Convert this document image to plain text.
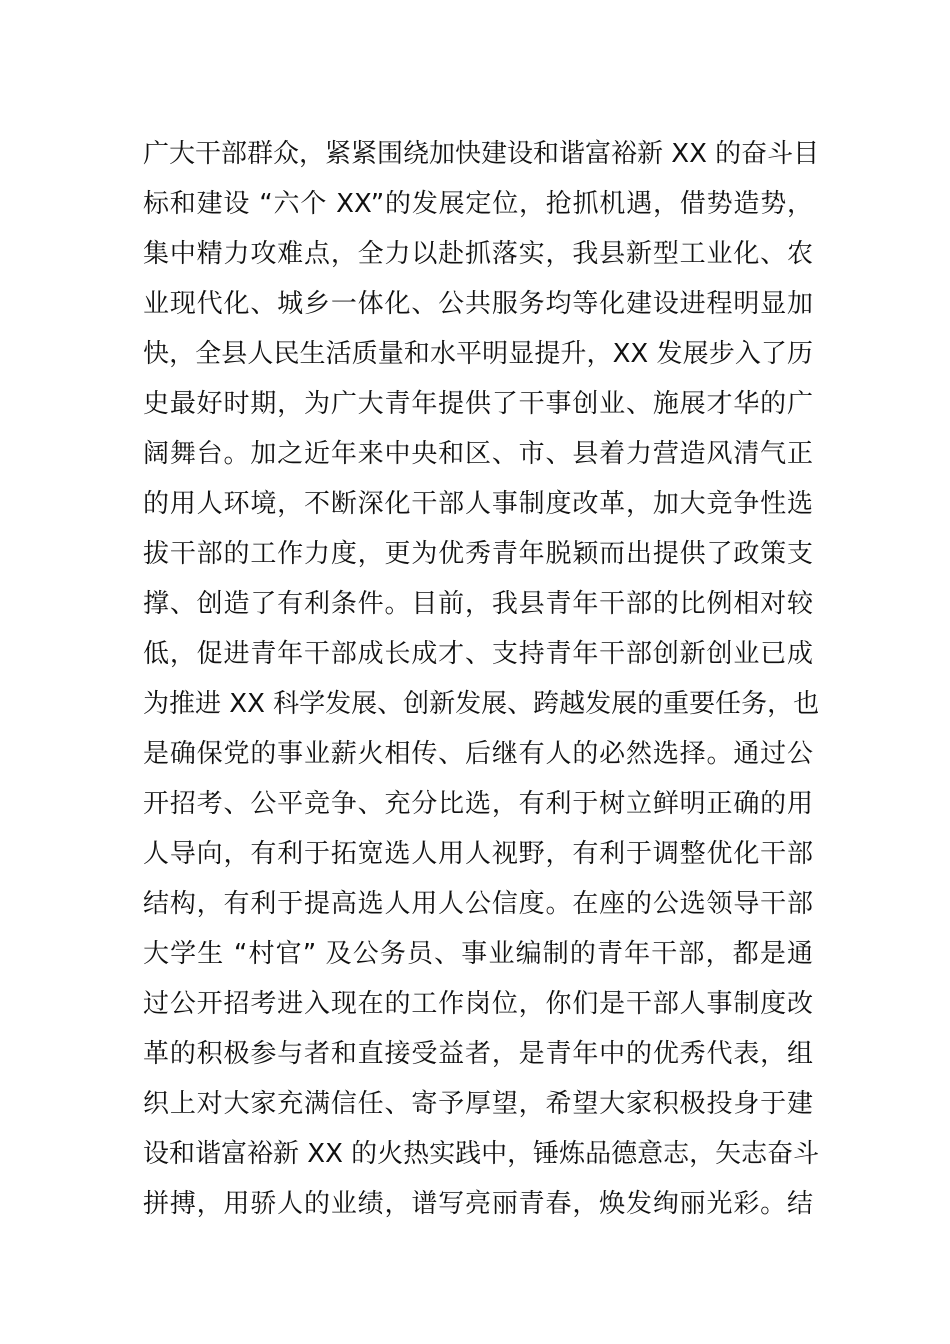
广大干部群众，紧紧围绕加快建设和谐富裕新 XX 的奋斗目
标和建设 “六个 XX”的发展定位，抢抓机遇，借势造势，
集中精力攻难点，全力以赴抓落实，我县新型工业化、农
业现代化、城乡一体化、公共服务均等化建设进程明显加
快，全县人民生活质量和水平明显提升，XX 发展步入了历
史最好时期，为广大青年提供了干事创业、施展才华的广
阔舞台。加之近年来中央和区、市、县着力营造风清气正
的用人环境，不断深化干部人事制度改革，加大竞争性选
拔干部的工作力度，更为优秀青年脱颖而出提供了政策支
撑、创造了有利条件。目前，我县青年干部的比例相对较
低，促进青年干部成长成才、支持青年干部创新创业已成
为推进 XX 科学发展、创新发展、跨越发展的重要任务，也
是确保党的事业薪火相传、后继有人的必然选择。通过公
开招考、公平竞争、充分比选，有利于树立鲜明正确的用
人导向，有利于拓宽选人用人视野，有利于调整优化干部
结构，有利于提高选人用人公信度。在座的公选领导干部
大学生 “村官” 及公务员、事业编制的青年干部，都是通
过公开招考进入现在的工作岗位，你们是干部人事制度改
革的积极参与者和直接受益者，是青年中的优秀代表，组
织上对大家充满信任、寄予厚望，希望大家积极投身于建
设和谐富裕新 XX 的火热实践中，锤炼品德意志，矢志奋斗
拼搏，用骄人的业绩，谱写亮丽青春，焕发绚丽光彩。结
